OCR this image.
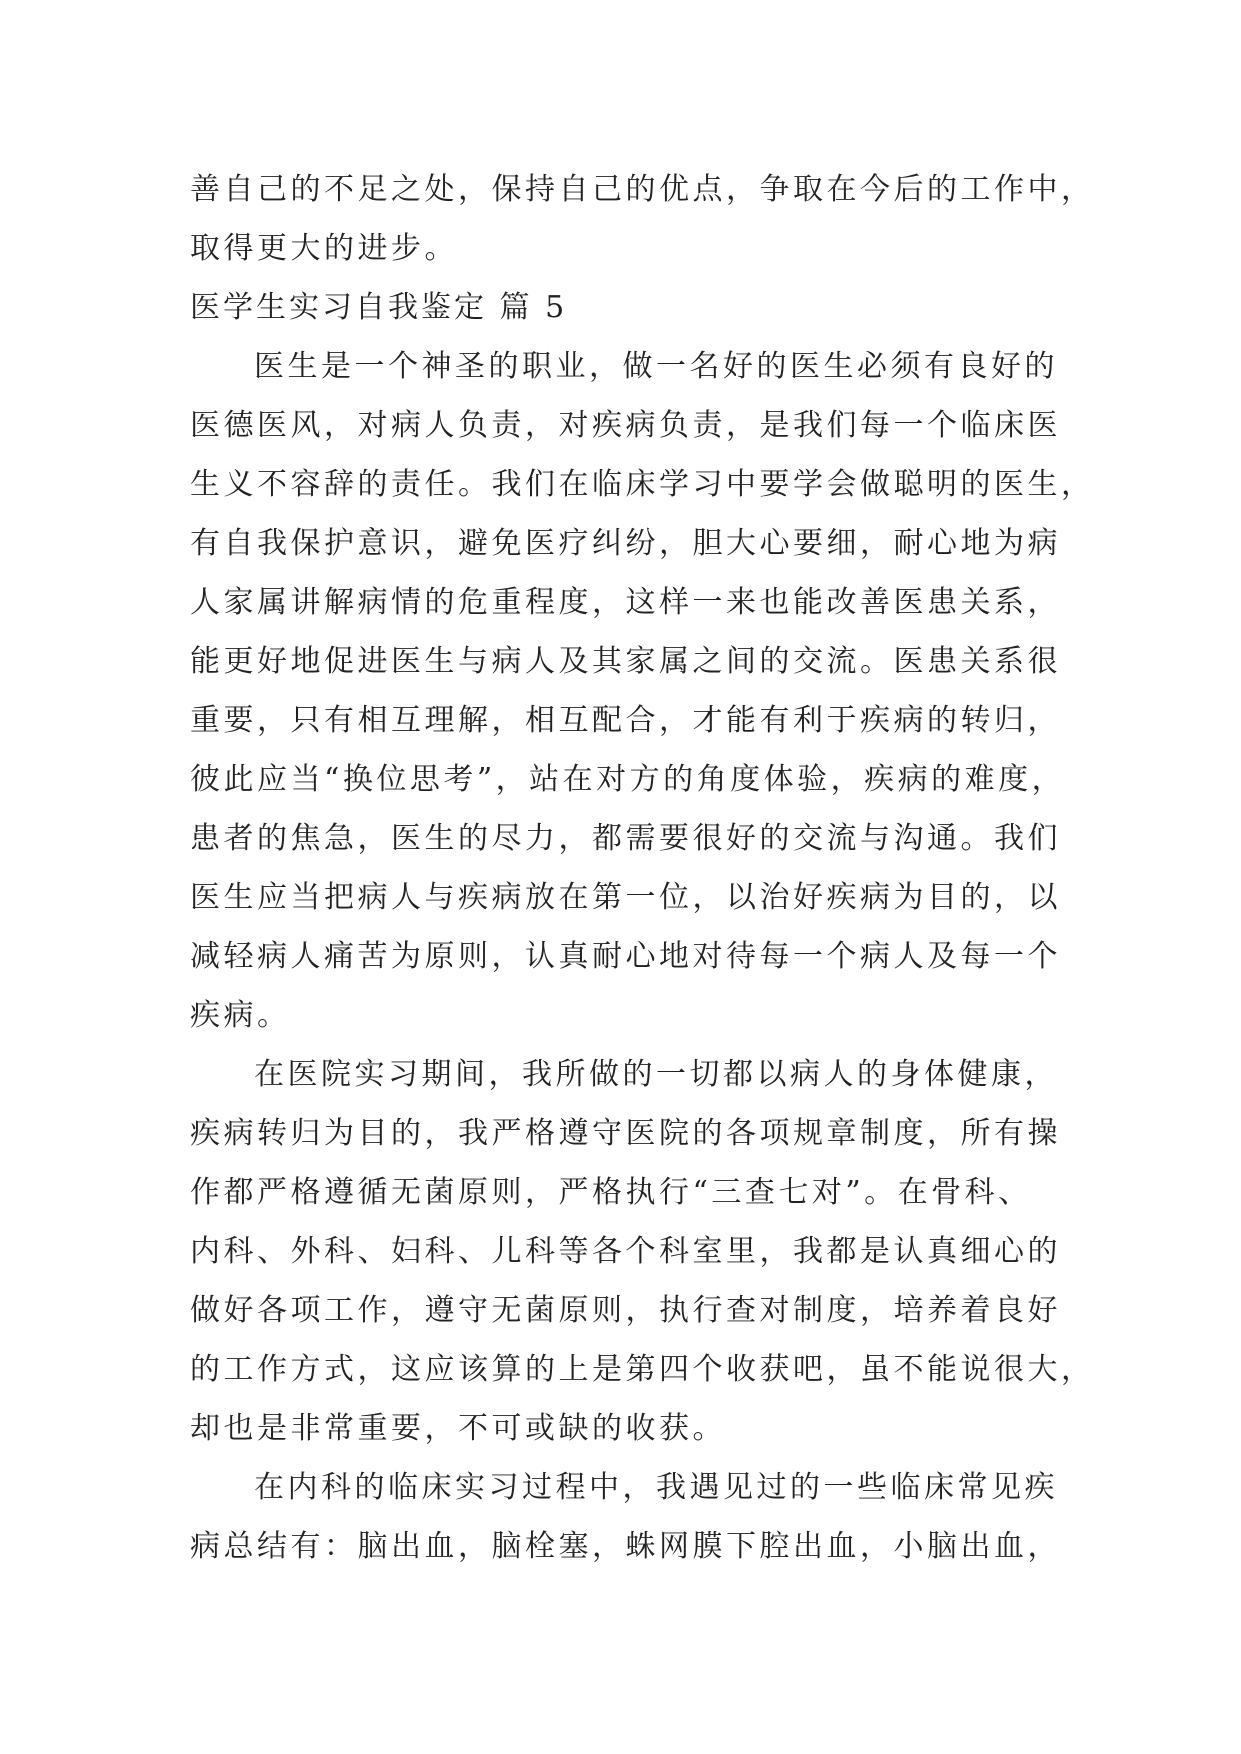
善自己的不足之处，保持自己的优点，争取在今后的工作中，
取得更大的进步。
医学生实习自我鉴定 篇 5
医生是一个神圣的职业，做一名好的医生必须有良好的
医德医风，对病人负责，对疾病负责，是我们每一个临床医
生义不容辞的责任。我们在临床学习中要学会做聪明的医生，
有自我保护意识，避免医疗纠纷，胆大心要细，耐心地为病
人家属讲解病情的危重程度，这样一来也能改善医患关系，
能更好地促进医生与病人及其家属之间的交流。医患关系很
重要，只有相互理解，相互配合，才能有利于疾病的转归，
彼此应当“换位思考”，站在对方的角度体验，疾病的难度，
患者的焦急，医生的尽力，都需要很好的交流与沟通。我们
医生应当把病人与疾病放在第一位，以治好疾病为目的，以
减轻病人痛苦为原则，认真耐心地对待每一个病人及每一个
疾病。
在医院实习期间，我所做的一切都以病人的身体健康，
疾病转归为目的，我严格遵守医院的各项规章制度，所有操
作都严格遵循无菌原则，严格执行“三查七对”。在骨科、
内科、外科、妇科、儿科等各个科室里，我都是认真细心的
做好各项工作，遵守无菌原则，执行查对制度，培养着良好
的工作方式，这应该算的上是第四个收获吧，虽不能说很大，
却也是非常重要，不可或缺的收获。
在内科的临床实习过程中，我遇见过的一些临床常见疾
病总结有：脑出血，脑栓塞，蛛网膜下腔出血，小脑出血，
